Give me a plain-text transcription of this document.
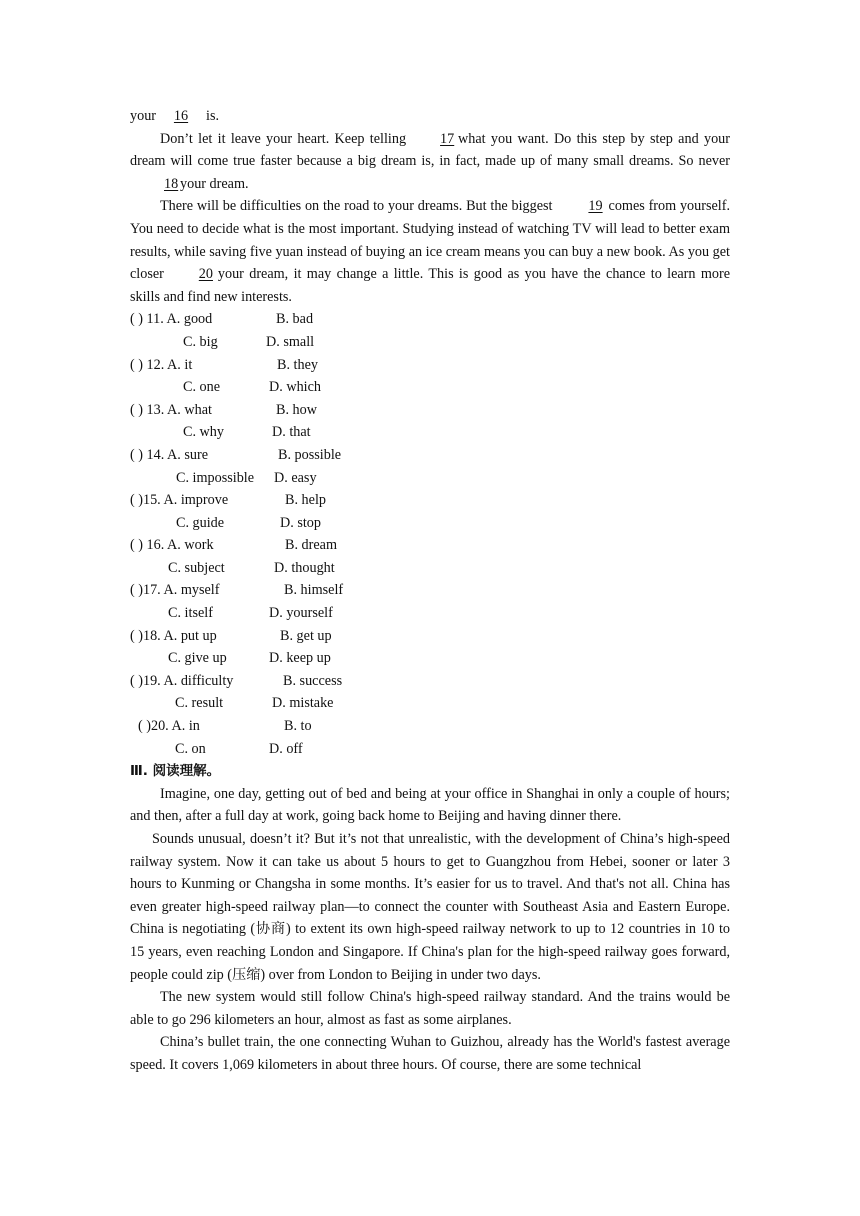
your 16 is.

Don’t let it leave your heart. Keep telling 17 what you want. Do this step by step and your dream will come true faster because a big dream is, in fact, made up of many small dreams. So never18 your dream.

There will be difficulties on the road to your dreams. But the biggest	19 comes from yourself. You need to decide what is the most important. Studying instead of watching TV will lead to better exam results, while saving five yuan instead of buying an ice cream means you can buy a new book. As you get closer 20 your dream, it may change a little. This is good as you have the chance to learn more skills and find new interests.

( ) 11. A. good	B. bad
C. big	D. small
( ) 12. A. it	B. they
C. one	D. which
( ) 13. A. what	B. how
C. why	D. that
( ) 14. A. sure	B. possible
C. impossible D. easy
( )15. A. improve	B. help
C. guide	D. stop
( ) 16. A. work	B. dream
C. subject	D. thought
( )17. A. myself	B. himself
C. itself	D. yourself
( )18. A. put up	B. get up
C. give up	D. keep up
( )19. A. difficulty	B. success
C. result	D. mistake
( )20. A. in	B. to
C. on	D. off
Ⅲ. 阅读理解。

Imagine, one day, getting out of bed and being at your office in Shanghai in only a couple of hours; and then, after a full day at work, going back home to Beijing and having dinner there.

Sounds unusual, doesn’t it? But it’s not that unrealistic, with the development of China’s high-speed railway system. Now it can take us about 5 hours to get to Guangzhou from Hebei, sooner or later 3 hours to Kunming or Changsha in some months. It’s easier for us to travel. And that's not all. China has even greater high-speed railway plan—to connect the counter with Southeast Asia and Eastern Europe. China is negotiating (协商) to extent its own high-speed railway network to up to 12 countries in 10 to 15 years, even reaching London and Singapore. If China's plan for the high-speed railway goes forward, people could zip (压缩) over from London to Beijing in under two days.

The new system would still follow China's high-speed railway standard. And the trains would be able to go 296 kilometers an hour, almost as fast as some airplanes.

China’s bullet train, the one connecting Wuhan to Guizhou, already has the World's fastest average speed. It covers 1,069 kilometers in about three hours. Of course, there are some technical
